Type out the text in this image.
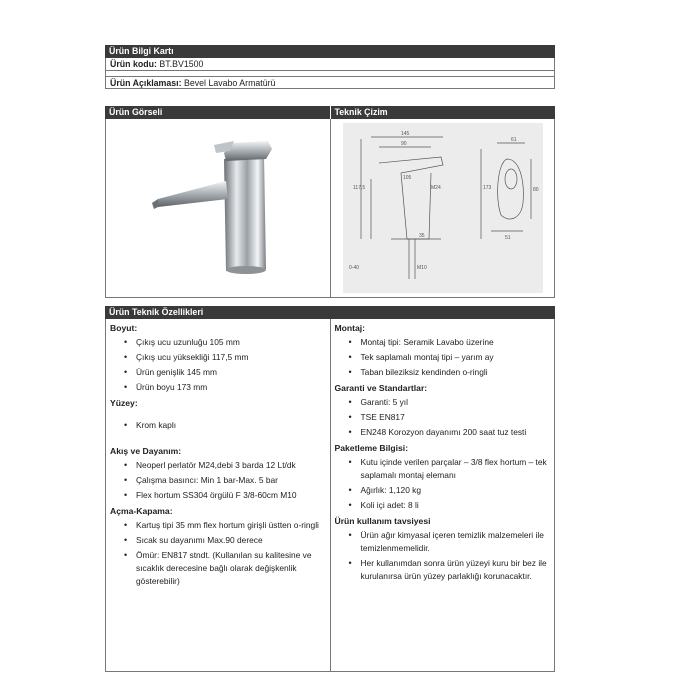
Ürün Bilgi Kartı
Ürün kodu: BT.BV1500
Ürün Açıklaması: Bevel Lavabo Armatürü
Ürün Görseli	Teknik Çizim
145
90
105
117,5	173
M24
35
61
M10
0-40
51
80
Ürün Teknik Özellikleri
Boyut:
• Çıkış ucu uzunluğu 105 mm
• Çıkış ucu yüksekliği 117,5 mm
• Ürün genişlik 145 mm
• Ürün boyu 173 mm
Yüzey:
• Krom kaplı
Akış ve Dayanım:
• Neoperl perlatör M24,debi 3 barda 12 Lt/dk
• Çalışma basıncı: Min 1 bar-Max. 5 bar
• Flex hortum SS304 örgülü F 3/8-60cm M10
Açma-Kapama:
• Kartuş tipi 35 mm flex hortum girişli üstten o-ringli
• Sıcak su dayanımı Max.90 derece
• Ömür: EN817 stndt. (Kullanılan su kalitesine ve sıcaklık derecesine bağlı olarak değişkenlik gösterebilir)
Montaj:
• Montaj tipi: Seramik Lavabo üzerine
• Tek saplamalı montaj tipi – yarım ay
• Taban bileziksiz kendinden o-ringli
Garanti ve Standartlar:
• Garanti: 5 yıl
• TSE EN817
• EN248 Korozyon dayanımı 200 saat tuz testi
Paketleme Bilgisi:
• Kutu içinde verilen parçalar – 3/8 flex hortum – tek saplamalı montaj elemanı
• Ağırlık: 1,120 kg
• Koli içi adet: 8 li
Ürün kullanım tavsiyesi
• Ürün ağır kimyasal içeren temizlik malzemeleri ile temizlenmemelidir.
• Her kullanımdan sonra ürün yüzeyi kuru bir bez ile kurulanırsa ürün yüzey parlaklığı korunacaktır.
